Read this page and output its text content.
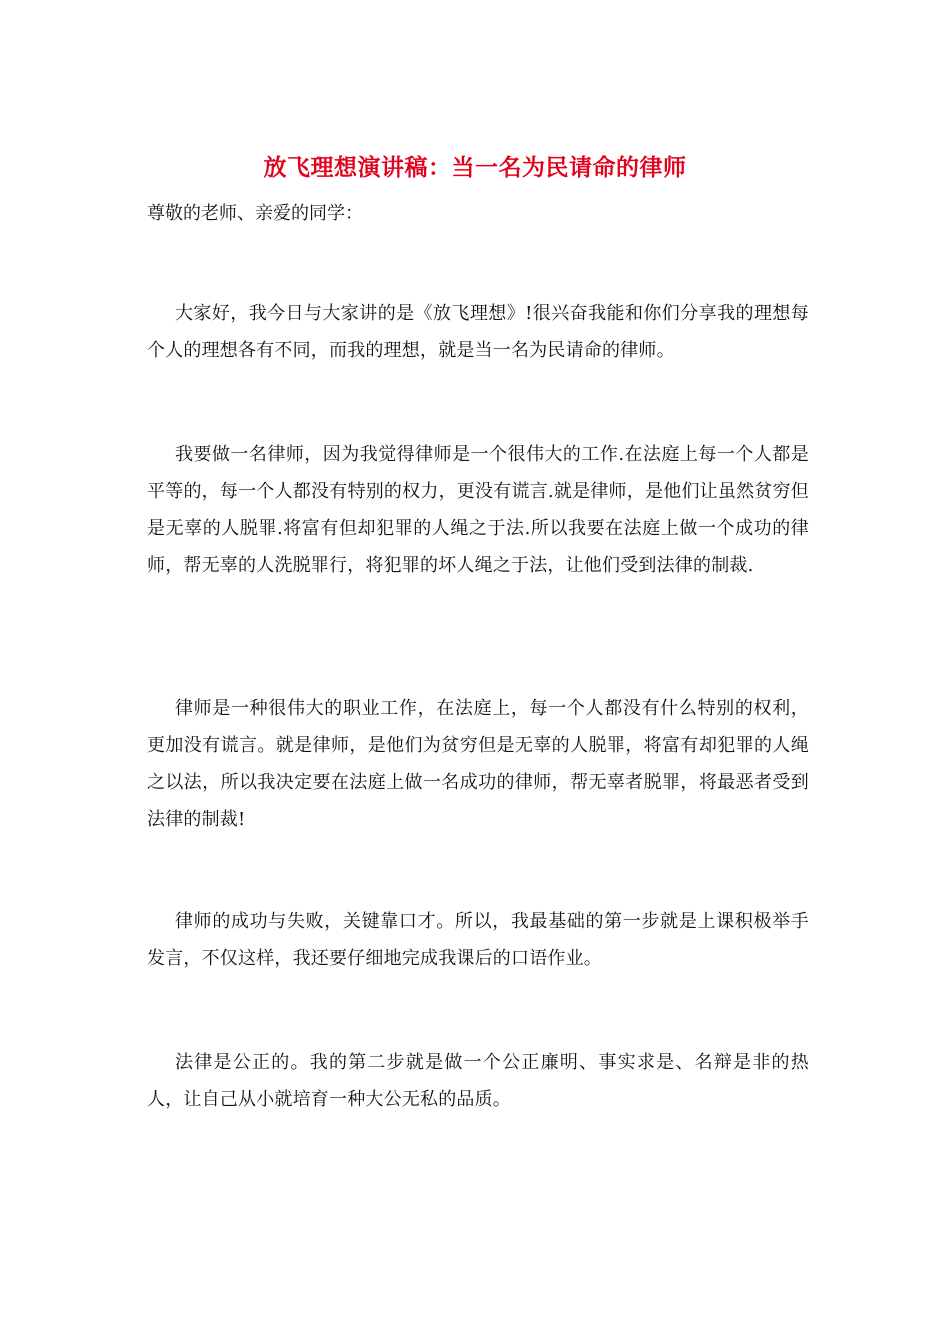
放飞理想演讲稿：当一名为民请命的律师
尊敬的老师、亲爱的同学：

大家好，我今日与大家讲的是《放飞理想》!很兴奋我能和你们分享我的理想每个人的理想各有不同，而我的理想，就是当一名为民请命的律师。

我要做一名律师，因为我觉得律师是一个很伟大的工作.在法庭上每一个人都是平等的，每一个人都没有特别的权力，更没有谎言.就是律师，是他们让虽然贫穷但是无辜的人脱罪.将富有但却犯罪的人绳之于法.所以我要在法庭上做一个成功的律师，帮无辜的人洗脱罪行，将犯罪的坏人绳之于法，让他们受到法律的制裁.

律师是一种很伟大的职业工作，在法庭上，每一个人都没有什么特别的权利，更加没有谎言。就是律师，是他们为贫穷但是无辜的人脱罪，将富有却犯罪的人绳之以法，所以我决定要在法庭上做一名成功的律师，帮无辜者脱罪，将最恶者受到法律的制裁!

律师的成功与失败，关键靠口才。所以，我最基础的第一步就是上课积极举手发言，不仅这样，我还要仔细地完成我课后的口语作业。

法律是公正的。我的第二步就是做一个公正廉明、事实求是、名辩是非的热人，让自己从小就培育一种大公无私的品质。
